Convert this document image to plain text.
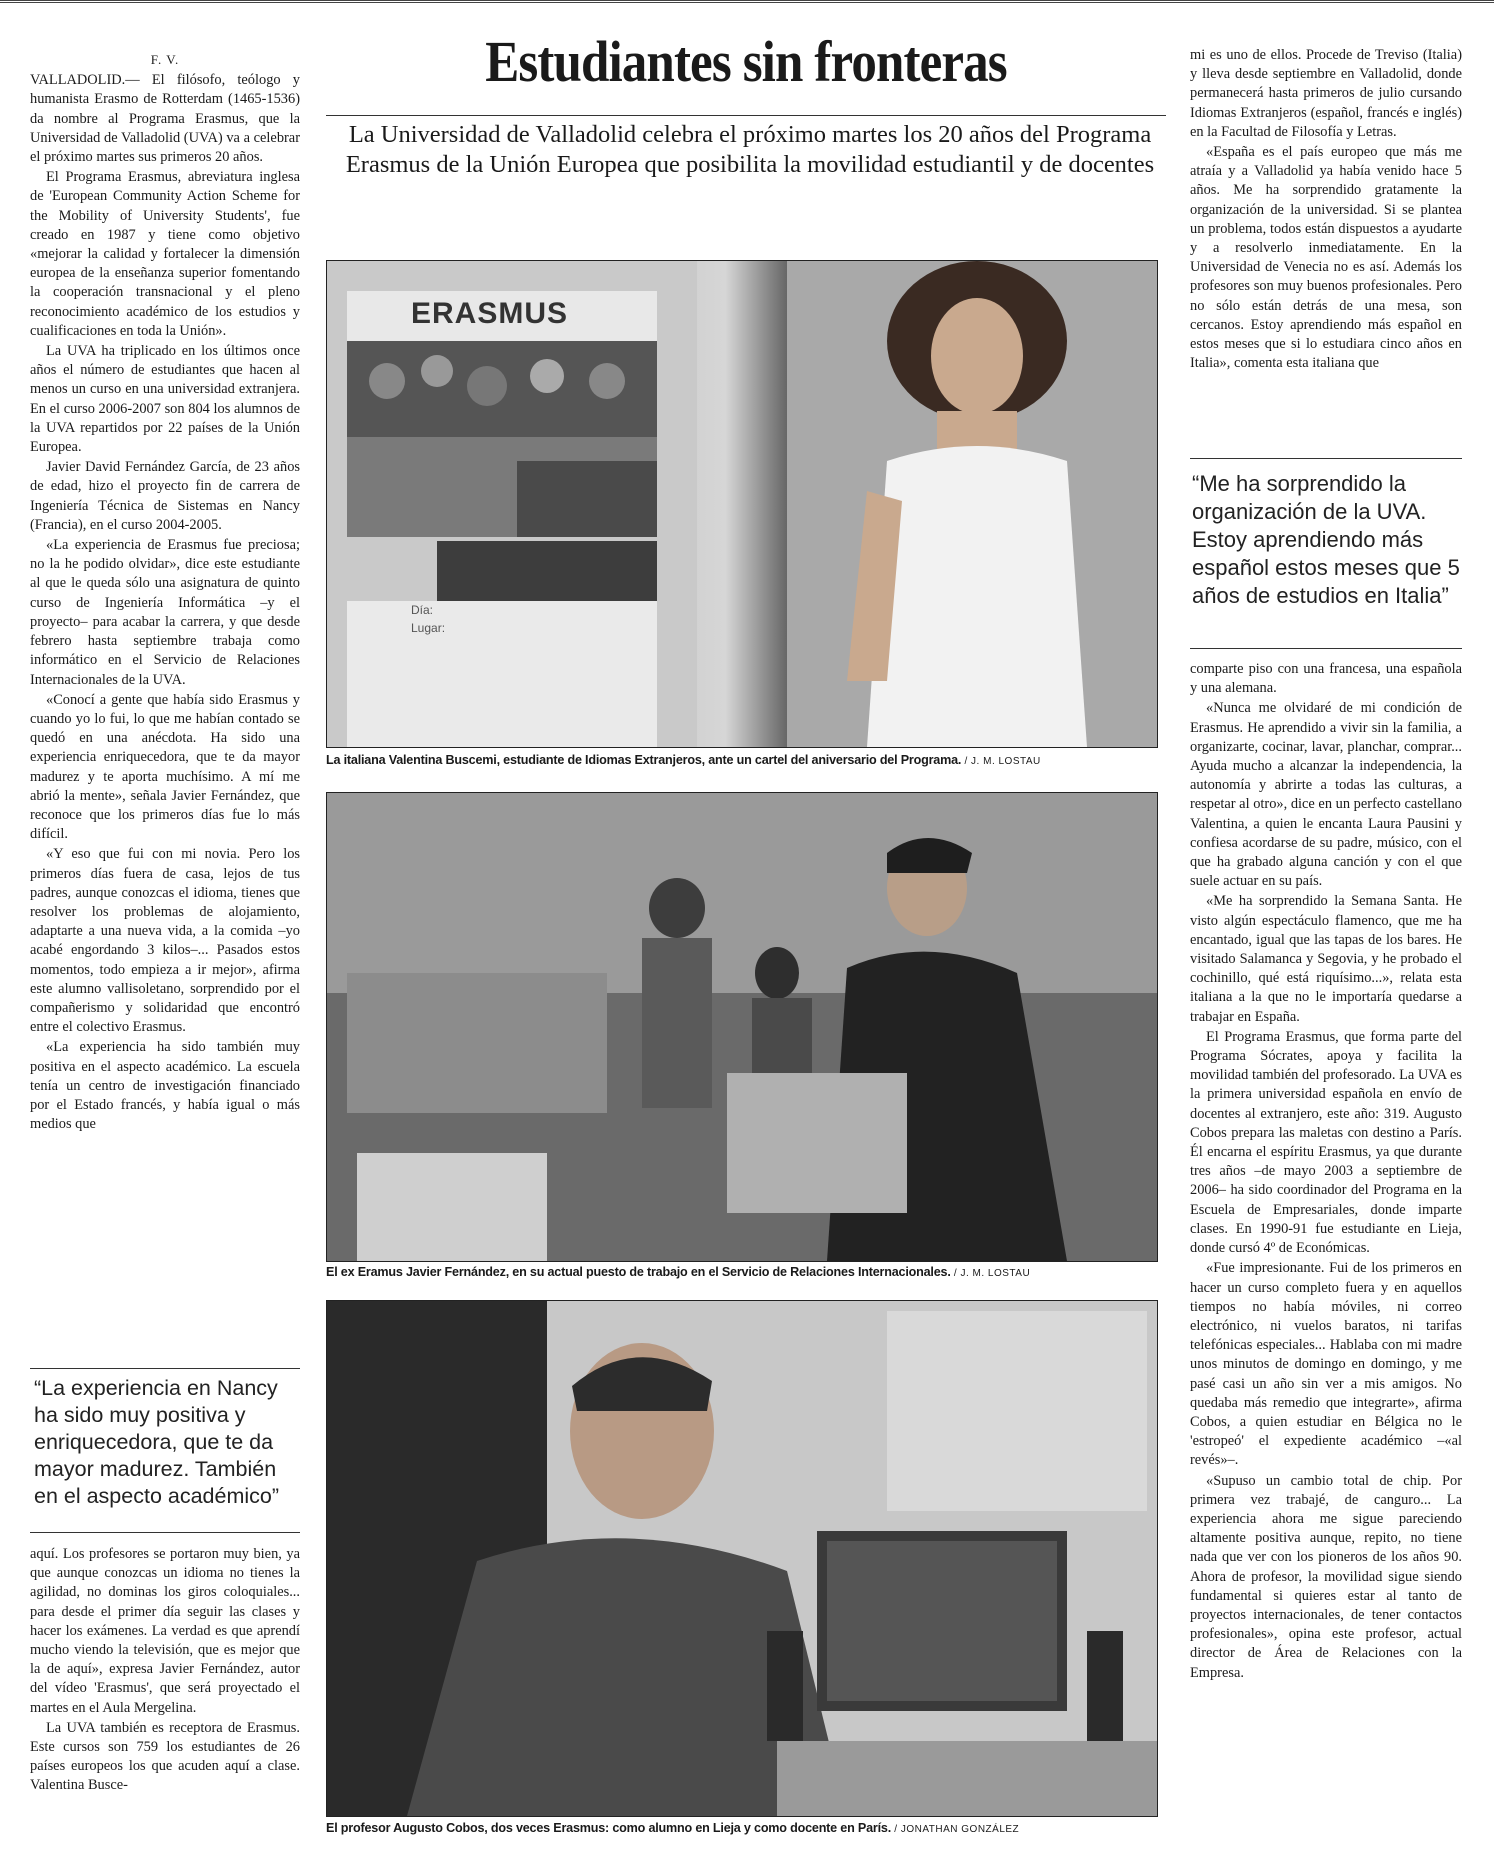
F. V.

VALLADOLID.— El filósofo, teólogo y humanista Erasmo de Rotterdam (1465-1536) da nombre al Programa Erasmus, que la Universidad de Valladolid (UVA) va a celebrar el próximo martes sus primeros 20 años.

El Programa Erasmus, abreviatura inglesa de 'European Community Action Scheme for the Mobility of University Students', fue creado en 1987 y tiene como objetivo «mejorar la calidad y fortalecer la dimensión europea de la enseñanza superior fomentando la cooperación transnacional y el pleno reconocimiento académico de los estudios y cualificaciones en toda la Unión».

La UVA ha triplicado en los últimos once años el número de estudiantes que hacen al menos un curso en una universidad extranjera. En el curso 2006-2007 son 804 los alumnos de la UVA repartidos por 22 países de la Unión Europea.

Javier David Fernández García, de 23 años de edad, hizo el proyecto fin de carrera de Ingeniería Técnica de Sistemas en Nancy (Francia), en el curso 2004-2005.

«La experiencia de Erasmus fue preciosa; no la he podido olvidar», dice este estudiante al que le queda sólo una asignatura de quinto curso de Ingeniería Informática –y el proyecto– para acabar la carrera, y que desde febrero hasta septiembre trabaja como informático en el Servicio de Relaciones Internacionales de la UVA.

«Conocí a gente que había sido Erasmus y cuando yo lo fui, lo que me habían contado se quedó en una anécdota. Ha sido una experiencia enriquecedora, que te da mayor madurez y te aporta muchísimo. A mí me abrió la mente», señala Javier Fernández, que reconoce que los primeros días fue lo más difícil.

«Y eso que fui con mi novia. Pero los primeros días fuera de casa, lejos de tus padres, aunque conozcas el idioma, tienes que resolver los problemas de alojamiento, adaptarte a una nueva vida, a la comida –yo acabé engordando 3 kilos–... Pasados estos momentos, todo empieza a ir mejor», afirma este alumno vallisoletano, sorprendido por el compañerismo y solidaridad que encontró entre el colectivo Erasmus.

«La experiencia ha sido también muy positiva en el aspecto académico. La escuela tenía un centro de investigación financiado por el Estado francés, y había igual o más medios que

“La experiencia en Nancy ha sido muy positiva y enriquecedora, que te da mayor madurez. También en el aspecto académico”

aquí. Los profesores se portaron muy bien, ya que aunque conozcas un idioma no tienes la agilidad, no dominas los giros coloquiales... para desde el primer día seguir las clases y hacer los exámenes. La verdad es que aprendí mucho viendo la televisión, que es mejor que la de aquí», expresa Javier Fernández, autor del vídeo 'Erasmus', que será proyectado el martes en el Aula Mergelina.

La UVA también es receptora de Erasmus. Este cursos son 759 los estudiantes de 26 países europeos los que acuden aquí a clase. Valentina Busce-

Estudiantes sin fronteras
La Universidad de Valladolid celebra el próximo martes los 20 años del Programa Erasmus de la Unión Europea que posibilita la movilidad estudiantil y de docentes
ERASMUS
Día:
Lugar:
La italiana Valentina Buscemi, estudiante de Idiomas Extranjeros, ante un cartel del aniversario del Programa. / J. M. LOSTAU
El ex Eramus Javier Fernández, en su actual puesto de trabajo en el Servicio de Relaciones Internacionales. / J. M. LOSTAU
El profesor Augusto Cobos, dos veces Erasmus: como alumno en Lieja y como docente en París. / JONATHAN GONZÁLEZ

mi es uno de ellos. Procede de Treviso (Italia) y lleva desde septiembre en Valladolid, donde permanecerá hasta primeros de julio cursando Idiomas Extranjeros (español, francés e inglés) en la Facultad de Filosofía y Letras.

«España es el país europeo que más me atraía y a Valladolid ya había venido hace 5 años. Me ha sorprendido gratamente la organización de la universidad. Si se plantea un problema, todos están dispuestos a ayudarte y a resolverlo inmediatamente. En la Universidad de Venecia no es así. Además los profesores son muy buenos profesionales. Pero no sólo están detrás de una mesa, son cercanos. Estoy aprendiendo más español en estos meses que si lo estudiara cinco años en Italia», comenta esta italiana que

“Me ha sorprendido la organización de la UVA. Estoy aprendiendo más español estos meses que 5 años de estudios en Italia”

comparte piso con una francesa, una española y una alemana.

«Nunca me olvidaré de mi condición de Erasmus. He aprendido a vivir sin la familia, a organizarte, cocinar, lavar, planchar, comprar... Ayuda mucho a alcanzar la independencia, la autonomía y abrirte a todas las culturas, a respetar al otro», dice en un perfecto castellano Valentina, a quien le encanta Laura Pausini y confiesa acordarse de su padre, músico, con el que ha grabado alguna canción y con el que suele actuar en su país.

«Me ha sorprendido la Semana Santa. He visto algún espectáculo flamenco, que me ha encantado, igual que las tapas de los bares. He visitado Salamanca y Segovia, y he probado el cochinillo, qué está riquísimo...», relata esta italiana a la que no le importaría quedarse a trabajar en España.

El Programa Erasmus, que forma parte del Programa Sócrates, apoya y facilita la movilidad también del profesorado. La UVA es la primera universidad española en envío de docentes al extranjero, este año: 319. Augusto Cobos prepara las maletas con destino a París. Él encarna el espíritu Erasmus, ya que durante tres años –de mayo 2003 a septiembre de 2006– ha sido coordinador del Programa en la Escuela de Empresariales, donde imparte clases. En 1990-91 fue estudiante en Lieja, donde cursó 4º de Económicas.

«Fue impresionante. Fui de los primeros en hacer un curso completo fuera y en aquellos tiempos no había móviles, ni correo electrónico, ni vuelos baratos, ni tarifas telefónicas especiales... Hablaba con mi madre unos minutos de domingo en domingo, y me pasé casi un año sin ver a mis amigos. No quedaba más remedio que integrarte», afirma Cobos, a quien estudiar en Bélgica no le 'estropeó' el expediente académico –«al revés»–.

«Supuso un cambio total de chip. Por primera vez trabajé, de canguro... La experiencia ahora me sigue pareciendo altamente positiva aunque, repito, no tiene nada que ver con los pioneros de los años 90. Ahora de profesor, la movilidad sigue siendo fundamental si quieres estar al tanto de proyectos internacionales, de tener contactos profesionales», opina este profesor, actual director de Área de Relaciones con la Empresa.
